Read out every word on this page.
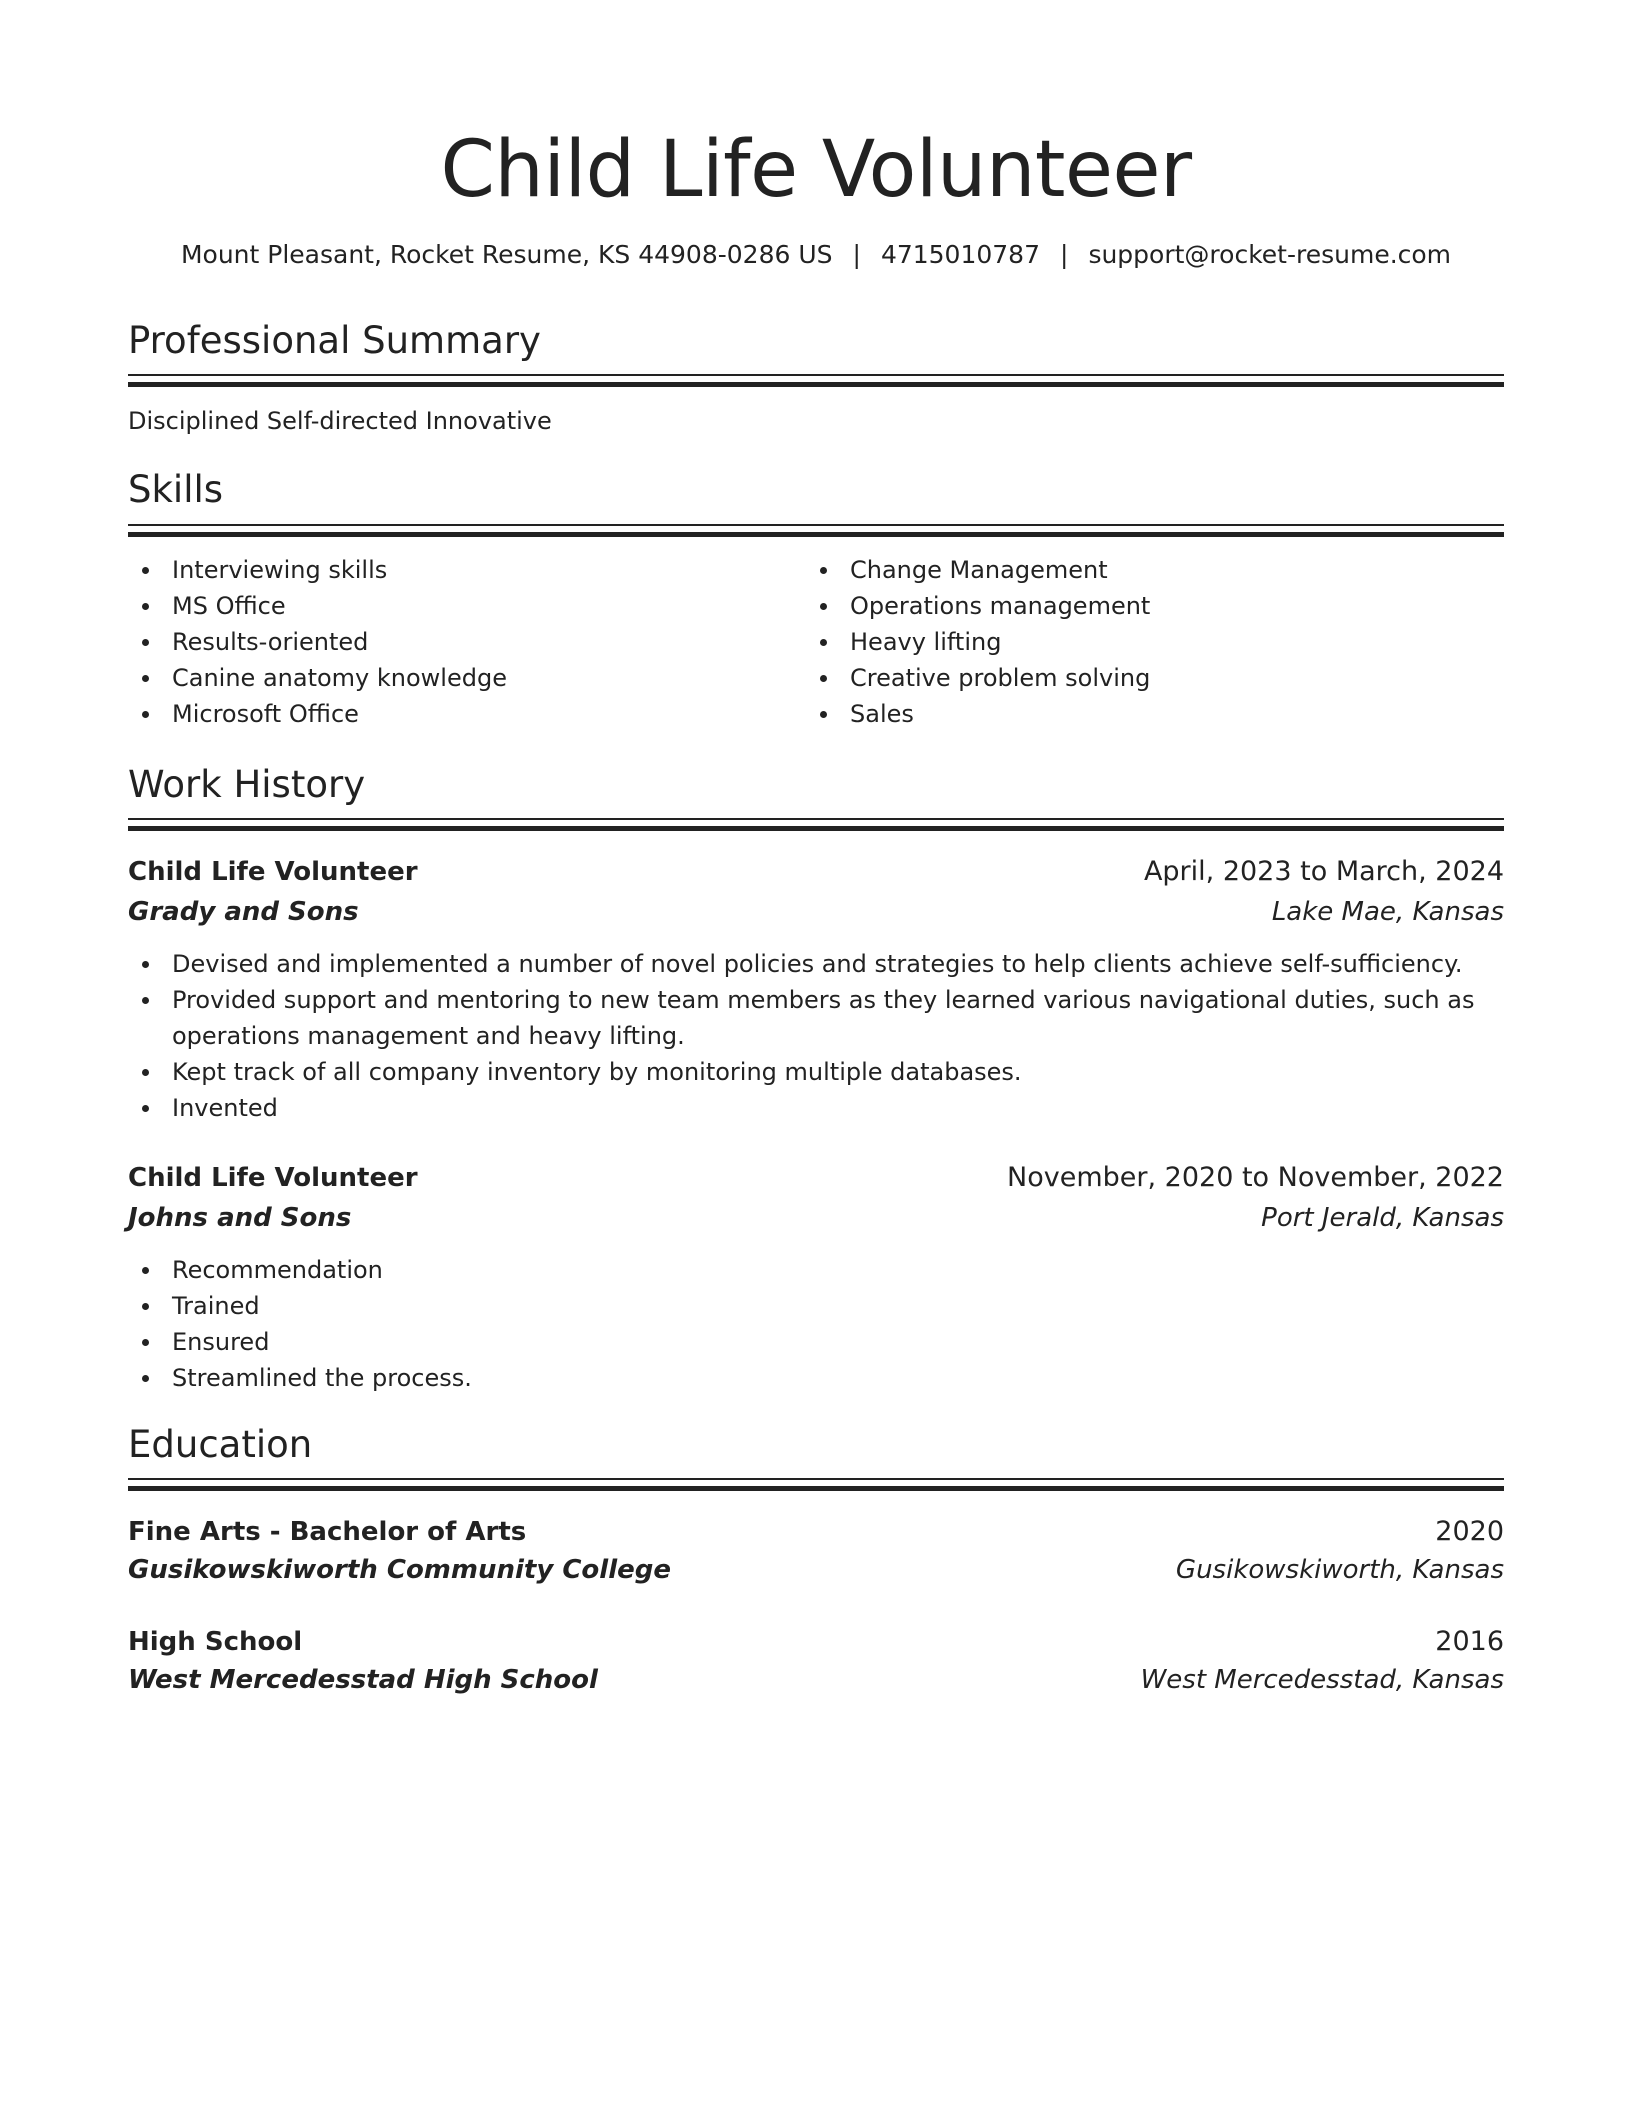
Child Life Volunteer
Mount Pleasant, Rocket Resume, KS 44908-0286 US | 4715010787 | support@rocket-resume.com
Professional Summary
Disciplined Self-directed Innovative
Skills
Interviewing skills
MS Office
Results-oriented
Canine anatomy knowledge
Microsoft Office
Change Management
Operations management
Heavy lifting
Creative problem solving
Sales
Work History
Child Life Volunteer	April, 2023 to March, 2024
Grady and Sons	Lake Mae, Kansas
Devised and implemented a number of novel policies and strategies to help clients achieve self-sufficiency.
Provided support and mentoring to new team members as they learned various navigational duties, such as operations management and heavy lifting.
Kept track of all company inventory by monitoring multiple databases.
Invented
Child Life Volunteer	November, 2020 to November, 2022
Johns and Sons	Port Jerald, Kansas
Recommendation
Trained
Ensured
Streamlined the process.
Education
Fine Arts - Bachelor of Arts	2020
Gusikowskiworth Community College	Gusikowskiworth, Kansas
High School	2016
West Mercedesstad High School	West Mercedesstad, Kansas
